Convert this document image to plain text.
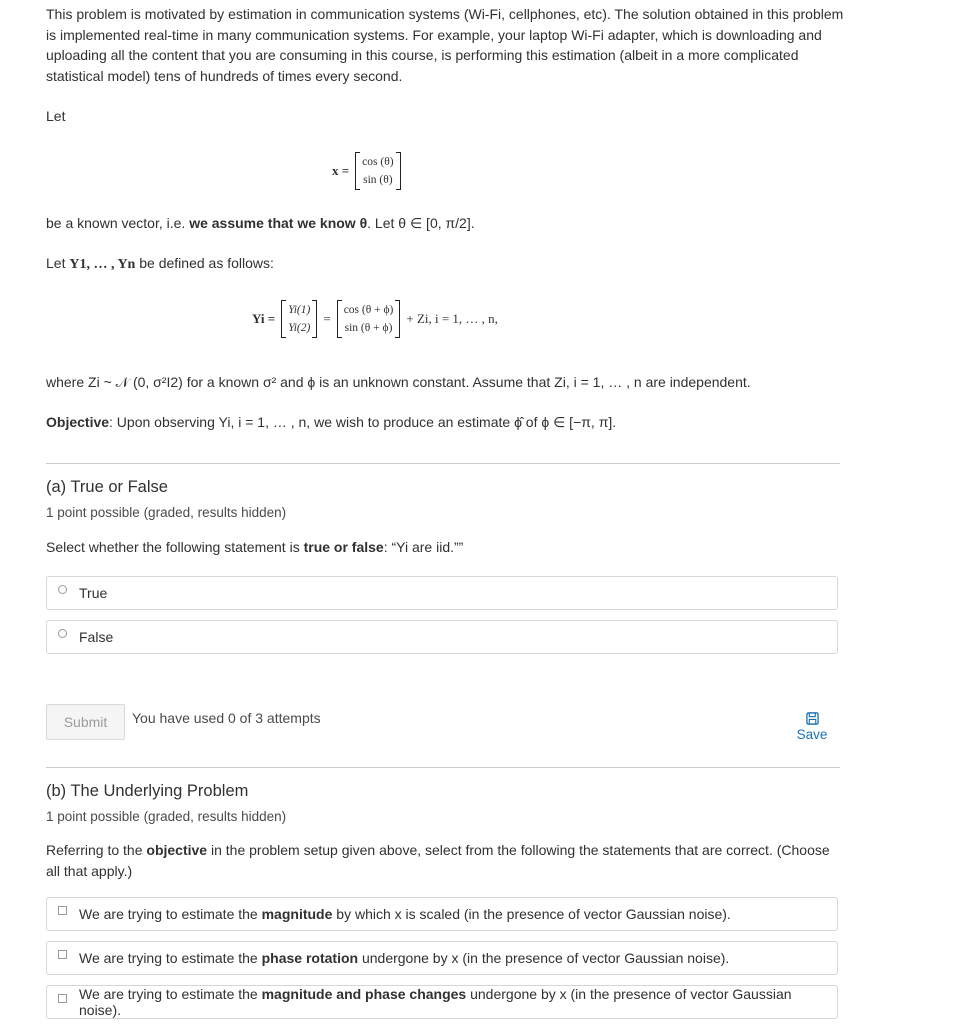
This problem is motivated by estimation in communication systems (Wi-Fi, cellphones, etc). The solution obtained in this problem is implemented real-time in many communication systems. For example, your laptop Wi-Fi adapter, which is downloading and uploading all the content that you are consuming in this course, is performing this estimation (albeit in a more complicated statistical model) tens of hundreds of times every second.

Let

x =
cos (θ)
sin (θ)

be a known vector, i.e. we assume that we know θ. Let θ ∈ [0, π/2].

Let Y1, … , Yn be defined as follows:

Yi =
Yi(1)
Yi(2)
=
cos (θ + ϕ)
sin (θ + ϕ)
+ Zi, i = 1, … , n,

where Zi ~ 𝒩 (0, σ²I2) for a known σ² and ϕ is an unknown constant. Assume that Zi, i = 1, … , n are independent.

Objective: Upon observing Yi, i = 1, … , n, we wish to produce an estimate ϕ̂ of ϕ ∈ [−π, π].

(a) True or False
1 point possible (graded, results hidden)

Select whether the following statement is true or false: “Yi are iid.””

True
False
Submit	You have used 0 of 3 attempts
Save
(b) The Underlying Problem
1 point possible (graded, results hidden)

Referring to the objective in the problem setup given above, select from the following the statements that are correct. (Choose all that apply.)

We are trying to estimate the magnitude by which x is scaled (in the presence of vector Gaussian noise).
We are trying to estimate the phase rotation undergone by x (in the presence of vector Gaussian noise).
We are trying to estimate the magnitude and phase changes undergone by x (in the presence of vector Gaussian noise).
